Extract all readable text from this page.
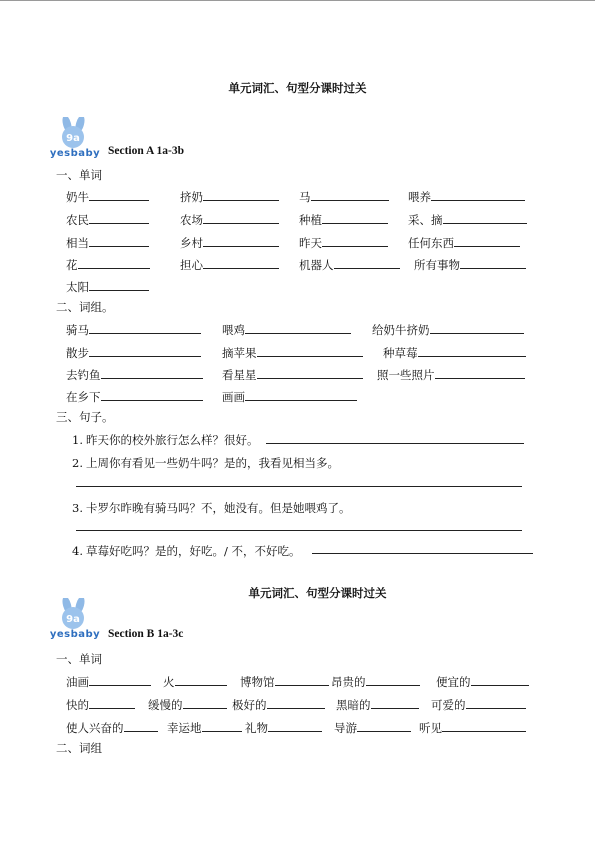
单元词汇、句型分课时过关
9a
yesbaby Section A 1a-3b
一、单词
奶牛	挤奶	马	喂养
农民	农场	种植	采、摘
相当	乡村	昨天	任何东西
花	担心	机器人	所有事物
太阳
二、词组。
骑马	喂鸡	给奶牛挤奶
散步	摘苹果	种草莓
去钓鱼	看星星	照一些照片
在乡下	画画
三、句子。
1. 昨天你的校外旅行怎么样？很好。
2. 上周你有看见一些奶牛吗？是的，我看见相当多。
3. 卡罗尔昨晚有骑马吗？不，她没有。但是她喂鸡了。
4. 草莓好吃吗？是的，好吃。/ 不，不好吃。
单元词汇、句型分课时过关
9a
yesbaby Section B 1a-3c
一、单词
油画	火	博物馆	昂贵的	便宜的
快的	缓慢的	极好的	黑暗的	可爱的
使人兴奋的	幸运地	礼物	导游	听见
二、词组
